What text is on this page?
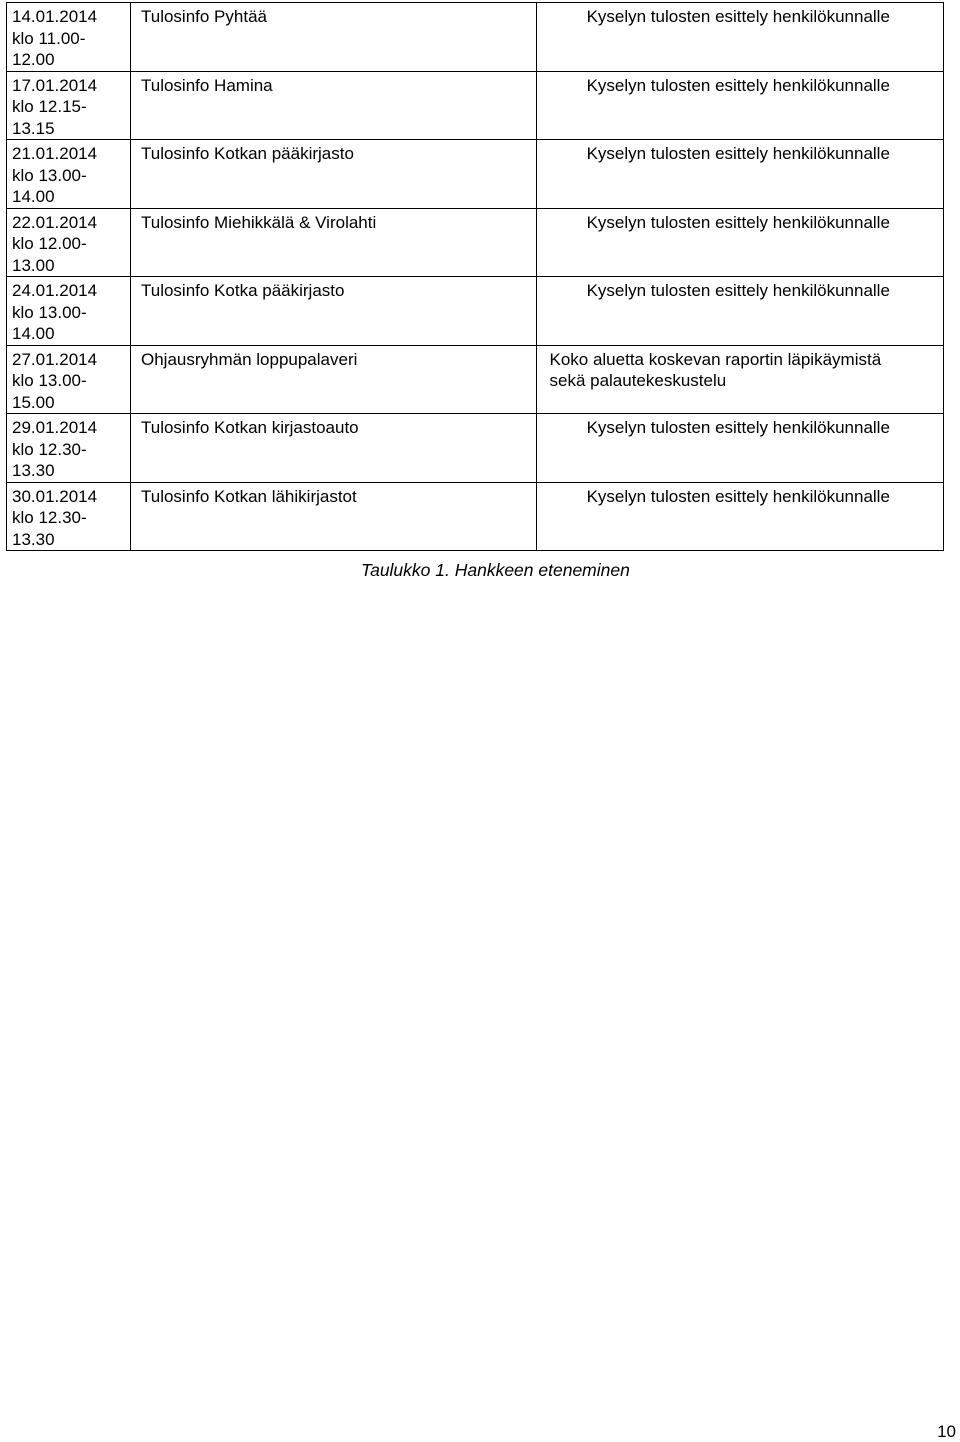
14.01.2014
klo 11.00-
12.00	Tulosinfo Pyhtää	Kyselyn tulosten esittely henkilökunnalle

17.01.2014
klo 12.15-
13.15	Tulosinfo Hamina	Kyselyn tulosten esittely henkilökunnalle

21.01.2014
klo 13.00-
14.00	Tulosinfo Kotkan pääkirjasto	Kyselyn tulosten esittely henkilökunnalle

22.01.2014
klo 12.00-
13.00	Tulosinfo Miehikkälä & Virolahti	Kyselyn tulosten esittely henkilökunnalle

24.01.2014
klo 13.00-
14.00	Tulosinfo Kotka pääkirjasto	Kyselyn tulosten esittely henkilökunnalle

27.01.2014
klo 13.00-
15.00	Ohjausryhmän loppupalaveri	Koko aluetta koskevan raportin läpikäymistä
sekä palautekeskustelu

29.01.2014
klo 12.30-
13.30	Tulosinfo Kotkan kirjastoauto	Kyselyn tulosten esittely henkilökunnalle

30.01.2014
klo 12.30-
13.30	Tulosinfo Kotkan lähikirjastot	Kyselyn tulosten esittely henkilökunnalle
Taulukko 1. Hankkeen eteneminen
10
